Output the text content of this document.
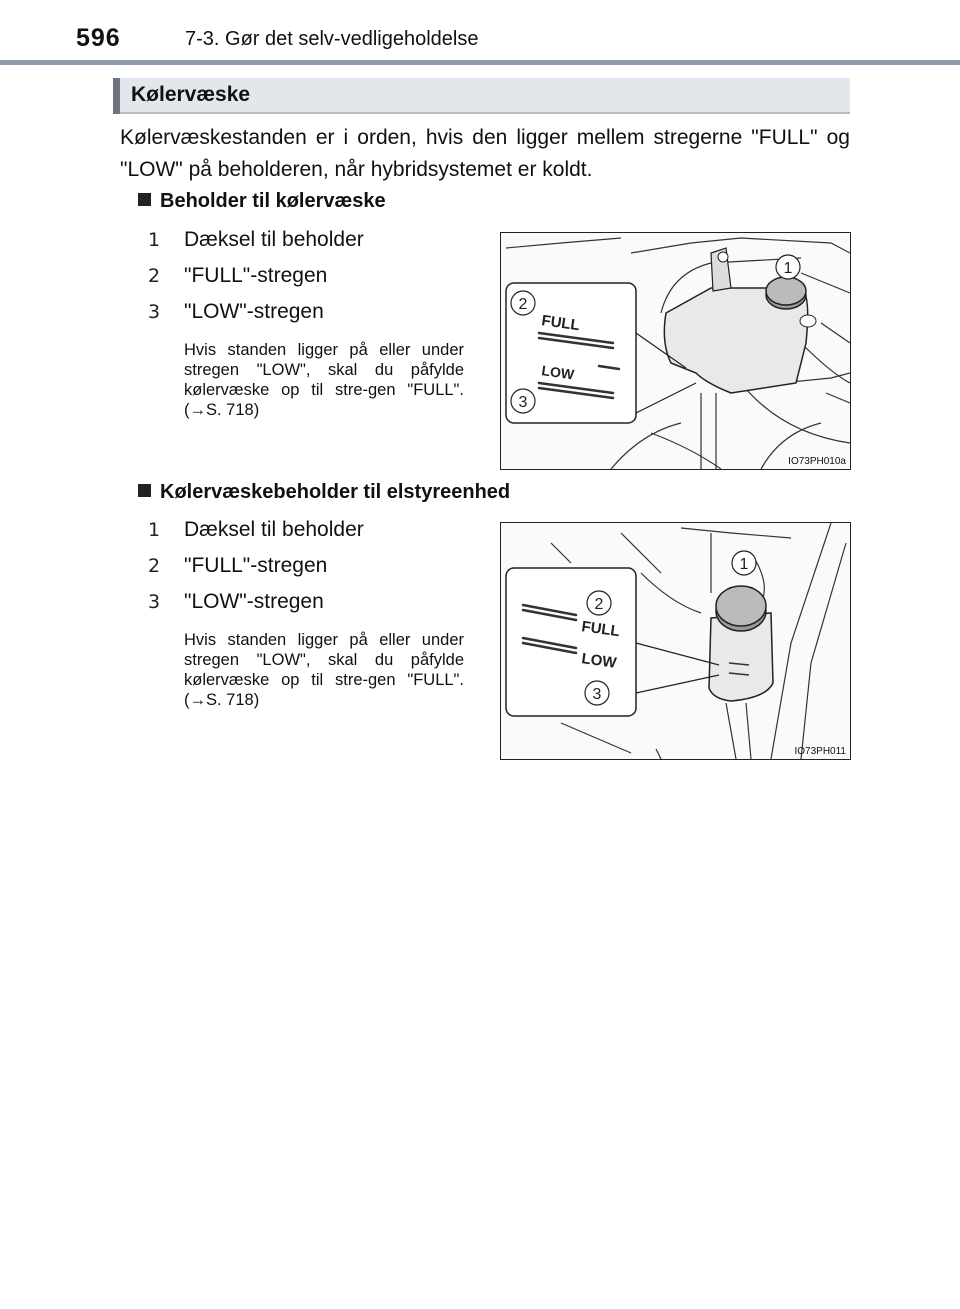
596	7-3. Gør det selv-vedligeholdelse
Kølervæske
Kølervæskestanden er i orden, hvis den ligger mellem stregerne "FULL" og "LOW" på beholderen, når hybridsystemet er koldt.
Beholder til kølervæske
1 Dæksel til beholder
2 "FULL"-stregen
3 "LOW"-stregen
Hvis standen ligger på eller under stregen "LOW", skal du påfylde kølervæske op til stre-gen "FULL". (→S. 718)
FULL
LOW
1
2
3
IO73PH010a
Kølervæskebeholder til elstyreenhed
1 Dæksel til beholder
2 "FULL"-stregen
3 "LOW"-stregen
Hvis standen ligger på eller under stregen "LOW", skal du påfylde kølervæske op til stre-gen "FULL". (→S. 718)
FULL
LOW
1
2
3
IO73PH011
